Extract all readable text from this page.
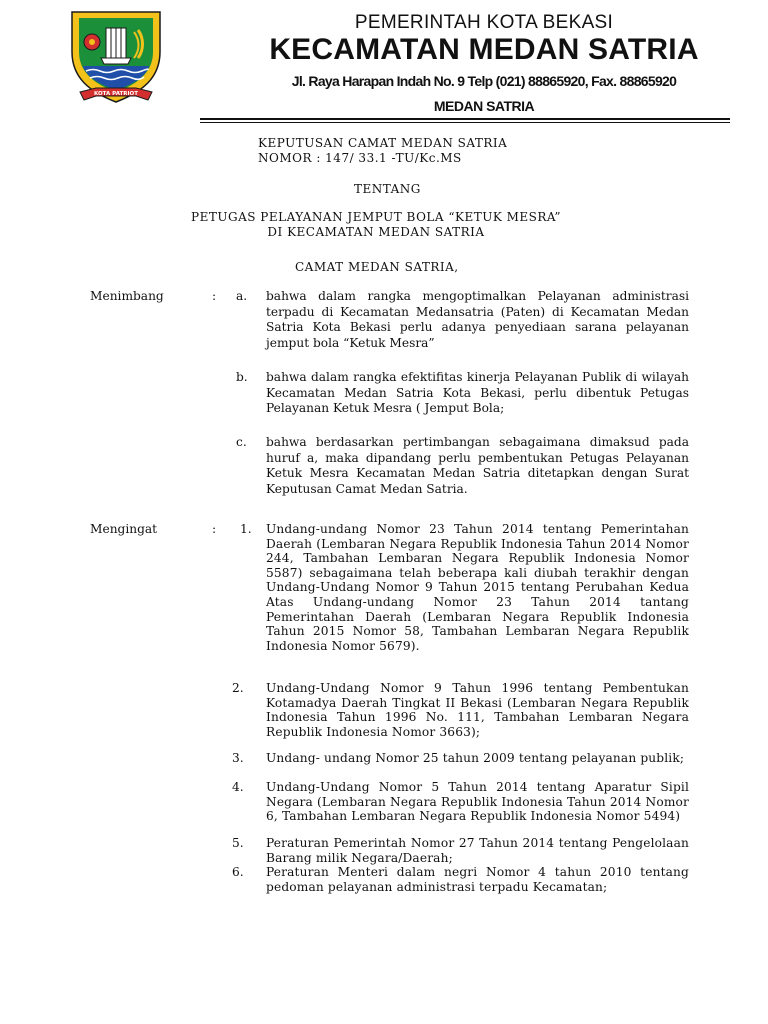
KOTA PATRIOT
PEMERINTAH KOTA BEKASI
KECAMATAN MEDAN SATRIA
Jl. Raya Harapan Indah No. 9 Telp (021) 88865920, Fax. 88865920
MEDAN SATRIA
KEPUTUSAN CAMAT MEDAN SATRIA
NOMOR : 147/ 33.1 -TU/Kc.MS
TENTANG
PETUGAS PELAYANAN JEMPUT BOLA “KETUK MESRA”
DI KECAMATAN MEDAN SATRIA
CAMAT MEDAN SATRIA,
Menimbang	: a.	bahwa dalam rangka mengoptimalkan Pelayanan administrasi terpadu di Kecamatan Medansatria (Paten) di Kecamatan Medan Satria Kota Bekasi perlu adanya penyediaan sarana pelayanan jemput bola “Ketuk Mesra”
b.	bahwa dalam rangka efektifitas kinerja Pelayanan Publik di wilayah Kecamatan Medan Satria Kota Bekasi, perlu dibentuk Petugas Pelayanan Ketuk Mesra ( Jemput Bola;
c.	bahwa berdasarkan pertimbangan sebagaimana dimaksud pada huruf a, maka dipandang perlu pembentukan Petugas Pelayanan Ketuk Mesra Kecamatan Medan Satria ditetapkan dengan Surat Keputusan Camat Medan Satria.
Mengingat	: 1.	Undang-undang Nomor 23 Tahun 2014 tentang Pemerintahan Daerah (Lembaran Negara Republik Indonesia Tahun 2014 Nomor 244, Tambahan Lembaran Negara Republik Indonesia Nomor 5587) sebagaimana telah beberapa kali diubah terakhir dengan Undang-Undang Nomor 9 Tahun 2015 tentang Perubahan Kedua Atas Undang-undang Nomor 23 Tahun 2014 tantang Pemerintahan Daerah (Lembaran Negara Republik Indonesia Tahun 2015 Nomor 58, Tambahan Lembaran Negara Republik Indonesia Nomor 5679).
2.	Undang-Undang Nomor 9 Tahun 1996 tentang Pembentukan Kotamadya Daerah Tingkat II Bekasi (Lembaran Negara Republik Indonesia Tahun 1996 No. 111, Tambahan Lembaran Negara Republik Indonesia Nomor 3663);
3.	Undang- undang Nomor 25 tahun 2009 tentang pelayanan publik;
4.	Undang-Undang Nomor 5 Tahun 2014 tentang Aparatur Sipil Negara (Lembaran Negara Republik Indonesia Tahun 2014 Nomor 6, Tambahan Lembaran Negara Republik Indonesia Nomor 5494)
5.	Peraturan Pemerintah Nomor 27 Tahun 2014 tentang Pengelolaan Barang milik Negara/Daerah;
6.	Peraturan Menteri dalam negri Nomor 4 tahun 2010 tentang pedoman pelayanan administrasi terpadu Kecamatan;
